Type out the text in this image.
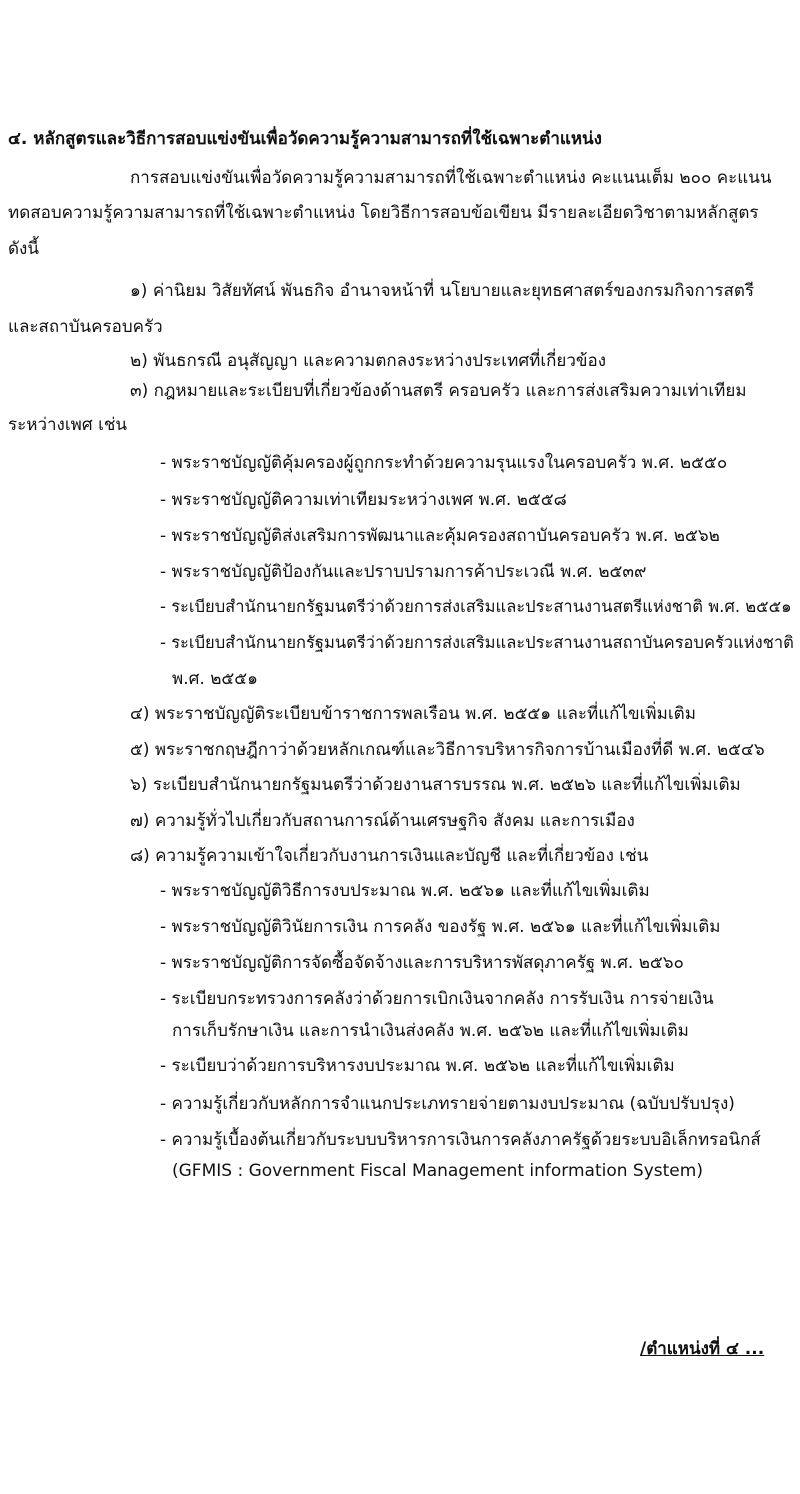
๔. หลักสูตรและวิธีการสอบแข่งขันเพื่อวัดความรู้ความสามารถที่ใช้เฉพาะตำแหน่ง
การสอบแข่งขันเพื่อวัดความรู้ความสามารถที่ใช้เฉพาะตำแหน่ง คะแนนเต็ม ๒๐๐ คะแนน
ทดสอบความรู้ความสามารถที่ใช้เฉพาะตำแหน่ง โดยวิธีการสอบข้อเขียน มีรายละเอียดวิชาตามหลักสูตร
ดังนี้
๑) ค่านิยม วิสัยทัศน์ พันธกิจ อำนาจหน้าที่ นโยบายและยุทธศาสตร์ของกรมกิจการสตรี
และสถาบันครอบครัว
๒) พันธกรณี อนุสัญญา และความตกลงระหว่างประเทศที่เกี่ยวข้อง
๓) กฎหมายและระเบียบที่เกี่ยวข้องด้านสตรี ครอบครัว และการส่งเสริมความเท่าเทียม
ระหว่างเพศ เช่น
- พระราชบัญญัติคุ้มครองผู้ถูกกระทำด้วยความรุนแรงในครอบครัว พ.ศ. ๒๕๕๐
- พระราชบัญญัติความเท่าเทียมระหว่างเพศ พ.ศ. ๒๕๕๘
- พระราชบัญญัติส่งเสริมการพัฒนาและคุ้มครองสถาบันครอบครัว พ.ศ. ๒๕๖๒
- พระราชบัญญัติป้องกันและปราบปรามการค้าประเวณี พ.ศ. ๒๕๓๙
- ระเบียบสำนักนายกรัฐมนตรีว่าด้วยการส่งเสริมและประสานงานสตรีแห่งชาติ พ.ศ. ๒๕๕๑
- ระเบียบสำนักนายกรัฐมนตรีว่าด้วยการส่งเสริมและประสานงานสถาบันครอบครัวแห่งชาติ
พ.ศ. ๒๕๕๑
๔) พระราชบัญญัติระเบียบข้าราชการพลเรือน พ.ศ. ๒๕๕๑ และที่แก้ไขเพิ่มเติม
๕) พระราชกฤษฎีกาว่าด้วยหลักเกณฑ์และวิธีการบริหารกิจการบ้านเมืองที่ดี พ.ศ. ๒๕๔๖
๖) ระเบียบสำนักนายกรัฐมนตรีว่าด้วยงานสารบรรณ พ.ศ. ๒๕๒๖ และที่แก้ไขเพิ่มเติม
๗) ความรู้ทั่วไปเกี่ยวกับสถานการณ์ด้านเศรษฐกิจ สังคม และการเมือง
๘) ความรู้ความเข้าใจเกี่ยวกับงานการเงินและบัญชี และที่เกี่ยวข้อง เช่น
- พระราชบัญญัติวิธีการงบประมาณ พ.ศ. ๒๕๖๑ และที่แก้ไขเพิ่มเติม
- พระราชบัญญัติวินัยการเงิน การคลัง ของรัฐ พ.ศ. ๒๕๖๑ และที่แก้ไขเพิ่มเติม
- พระราชบัญญัติการจัดซื้อจัดจ้างและการบริหารพัสดุภาครัฐ พ.ศ. ๒๕๖๐
- ระเบียบกระทรวงการคลังว่าด้วยการเบิกเงินจากคลัง การรับเงิน การจ่ายเงิน
การเก็บรักษาเงิน และการนำเงินส่งคลัง พ.ศ. ๒๕๖๒ และที่แก้ไขเพิ่มเติม
- ระเบียบว่าด้วยการบริหารงบประมาณ พ.ศ. ๒๕๖๒ และที่แก้ไขเพิ่มเติม
- ความรู้เกี่ยวกับหลักการจำแนกประเภทรายจ่ายตามงบประมาณ (ฉบับปรับปรุง)
- ความรู้เบื้องต้นเกี่ยวกับระบบบริหารการเงินการคลังภาครัฐด้วยระบบอิเล็กทรอนิกส์
(GFMIS : Government Fiscal Management information System)
/ตำแหน่งที่ ๔ ...
